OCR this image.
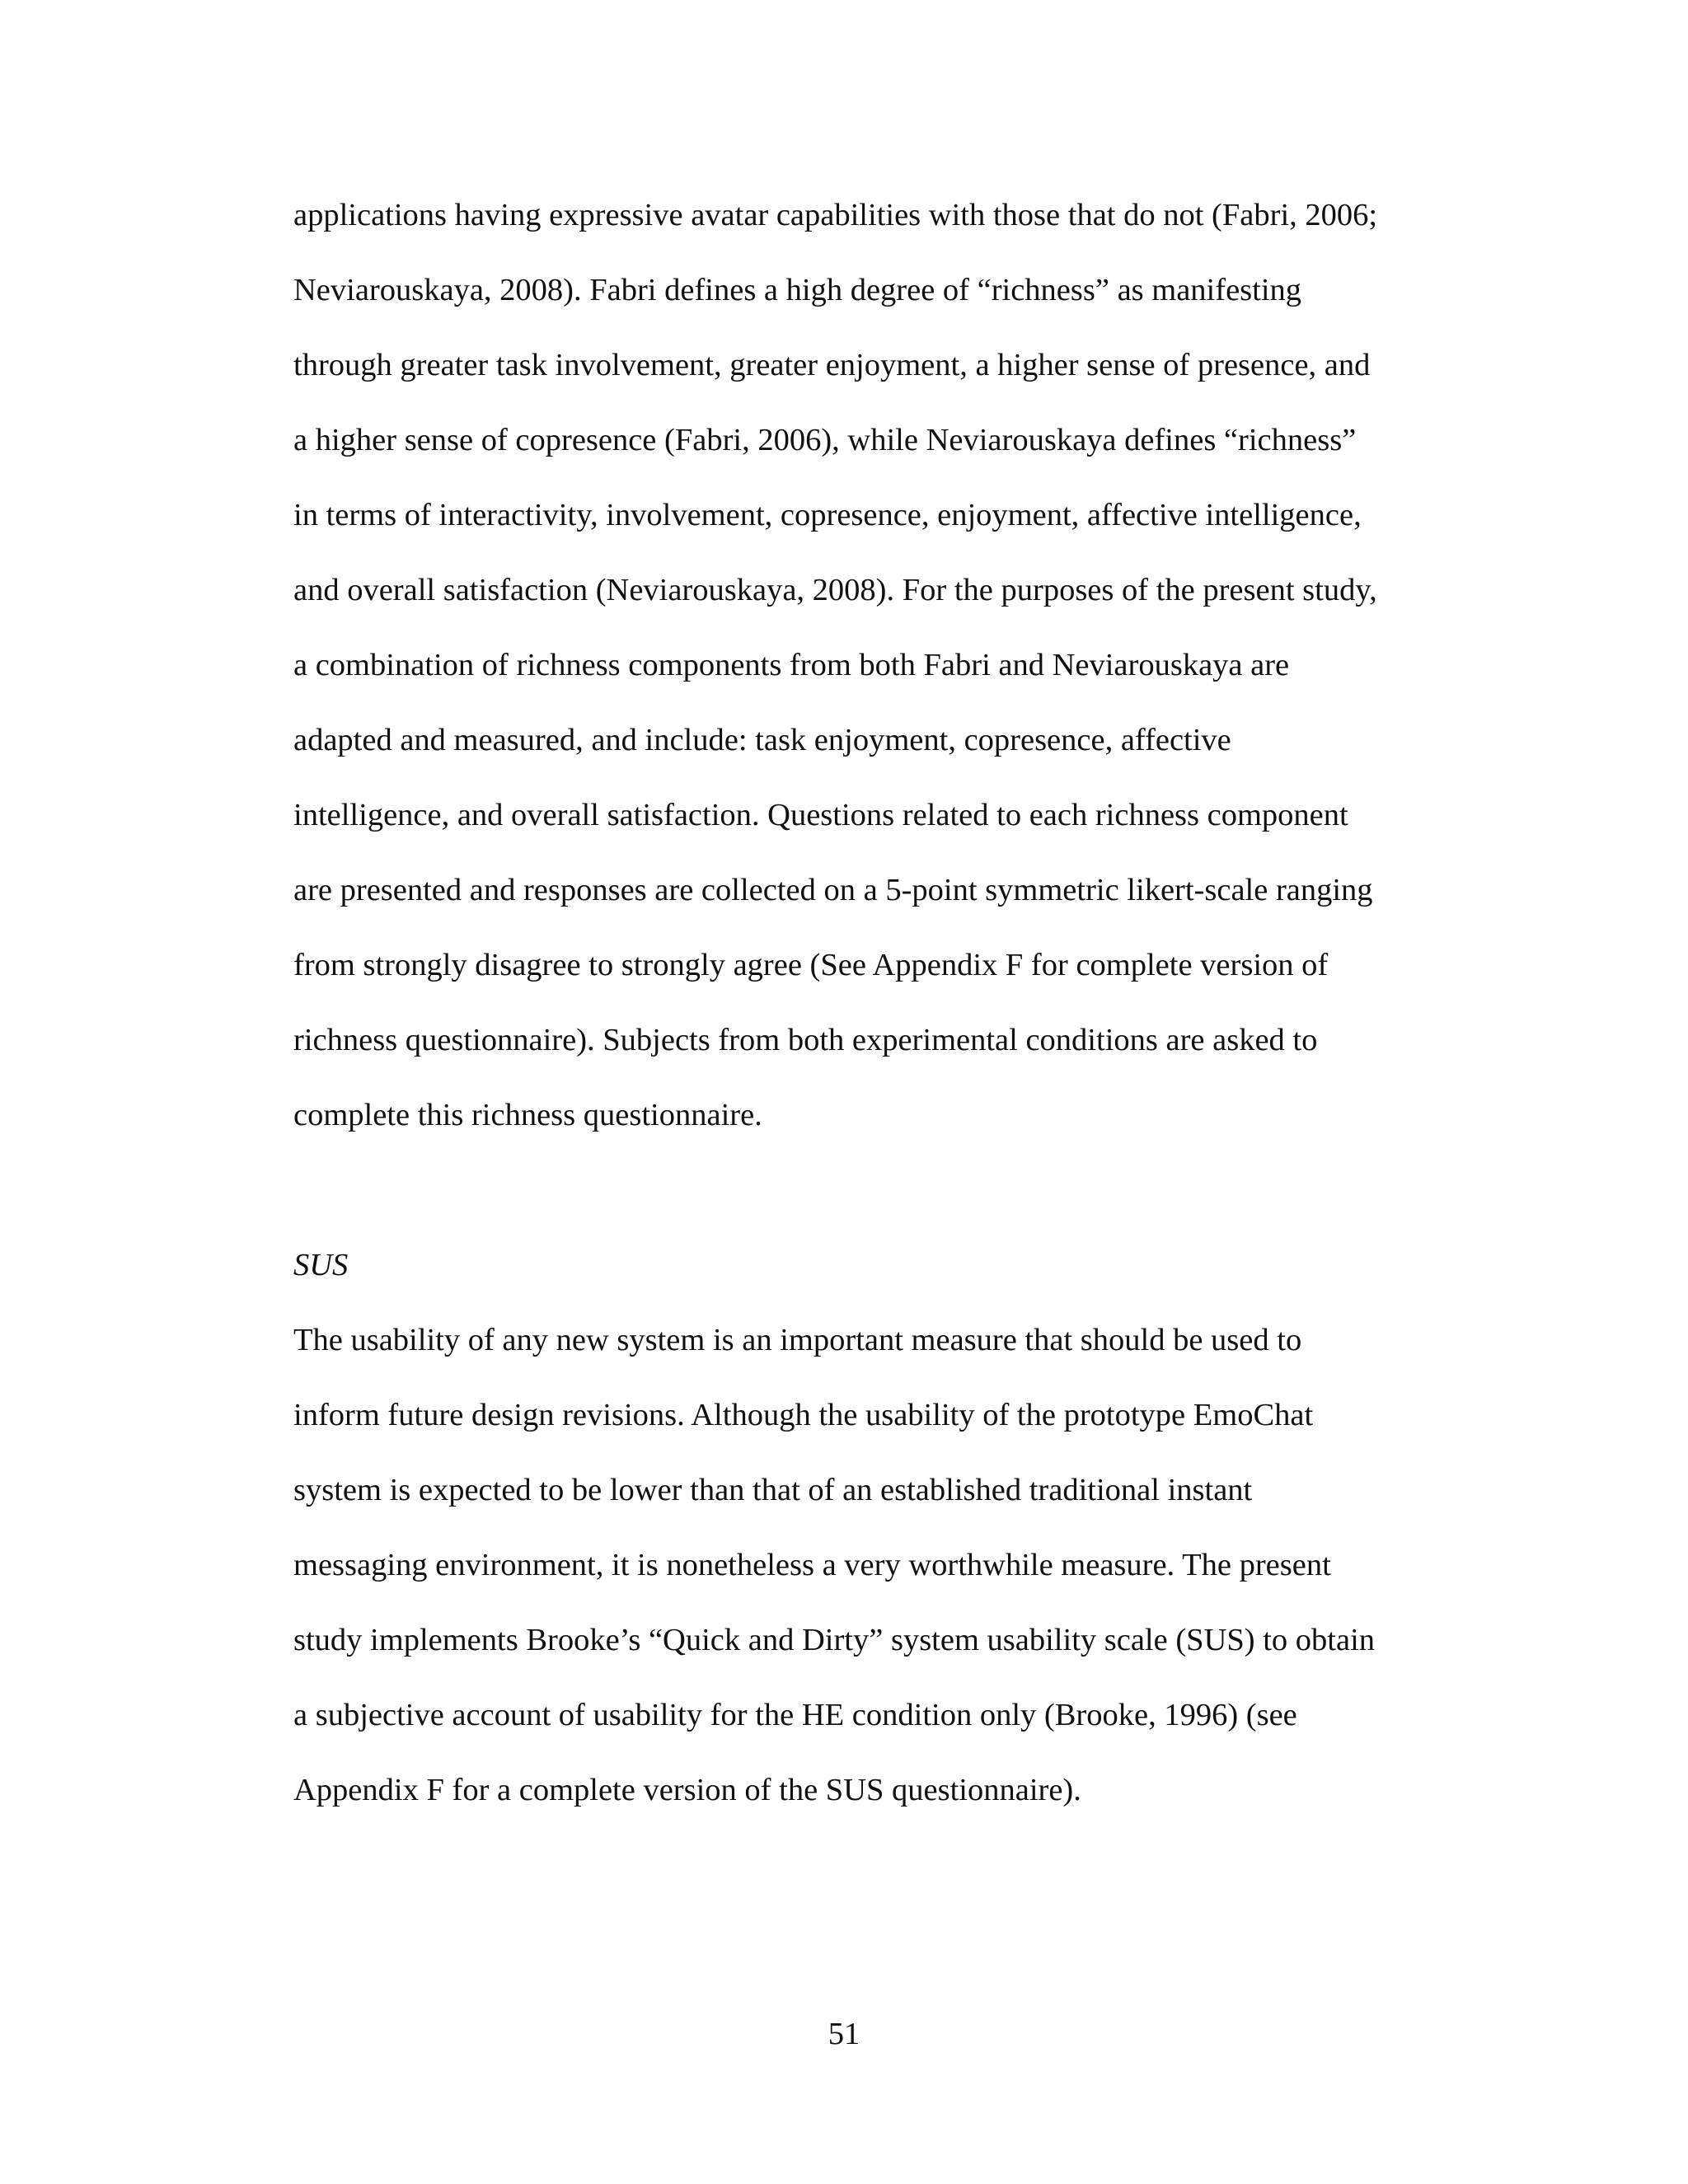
applications having expressive avatar capabilities with those that do not (Fabri, 2006;
Neviarouskaya, 2008). Fabri defines a high degree of “richness” as manifesting
through greater task involvement, greater enjoyment, a higher sense of presence, and
a higher sense of copresence (Fabri, 2006), while Neviarouskaya defines “richness”
in terms of interactivity, involvement, copresence, enjoyment, affective intelligence,
and overall satisfaction (Neviarouskaya, 2008). For the purposes of the present study,
a combination of richness components from both Fabri and Neviarouskaya are
adapted and measured, and include: task enjoyment, copresence, affective
intelligence, and overall satisfaction. Questions related to each richness component
are presented and responses are collected on a 5-point symmetric likert-scale ranging
from strongly disagree to strongly agree (See Appendix F for complete version of
richness questionnaire). Subjects from both experimental conditions are asked to
complete this richness questionnaire.
SUS
The usability of any new system is an important measure that should be used to
inform future design revisions. Although the usability of the prototype EmoChat
system is expected to be lower than that of an established traditional instant
messaging environment, it is nonetheless a very worthwhile measure. The present
study implements Brooke’s “Quick and Dirty” system usability scale (SUS) to obtain
a subjective account of usability for the HE condition only (Brooke, 1996) (see
Appendix F for a complete version of the SUS questionnaire).
51
